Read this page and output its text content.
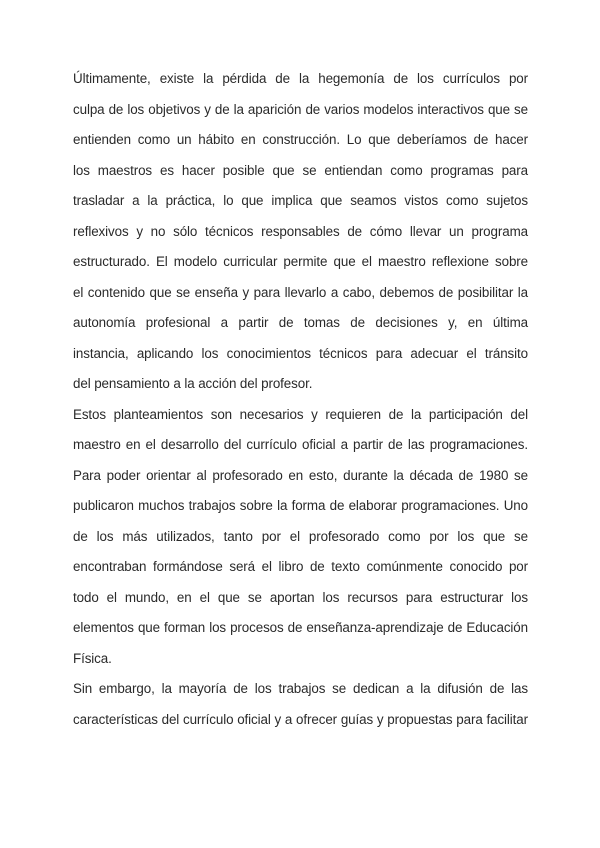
Últimamente, existe la pérdida de la hegemonía de los currículos por
culpa de los objetivos y de la aparición de varios modelos interactivos que se
entienden como un hábito en construcción. Lo que deberíamos de hacer
los maestros es hacer posible que se entiendan como programas para
trasladar a la práctica, lo que implica que seamos vistos como sujetos
reflexivos y no sólo técnicos responsables de cómo llevar un programa
estructurado. El modelo curricular permite que el maestro reflexione sobre
el contenido que se enseña y para llevarlo a cabo, debemos de posibilitar la
autonomía profesional a partir de tomas de decisiones y, en última
instancia, aplicando los conocimientos técnicos para adecuar el tránsito
del pensamiento a la acción del profesor.
Estos planteamientos son necesarios y requieren de la participación del
maestro en el desarrollo del currículo oficial a partir de las programaciones.
Para poder orientar al profesorado en esto, durante la década de 1980 se
publicaron muchos trabajos sobre la forma de elaborar programaciones. Uno
de los más utilizados, tanto por el profesorado como por los que se
encontraban formándose será el libro de texto comúnmente conocido por
todo el mundo, en el que se aportan los recursos para estructurar los
elementos que forman los procesos de enseñanza-aprendizaje de Educación
Física.
Sin embargo, la mayoría de los trabajos se dedican a la difusión de las
características del currículo oficial y a ofrecer guías y propuestas para facilitar
